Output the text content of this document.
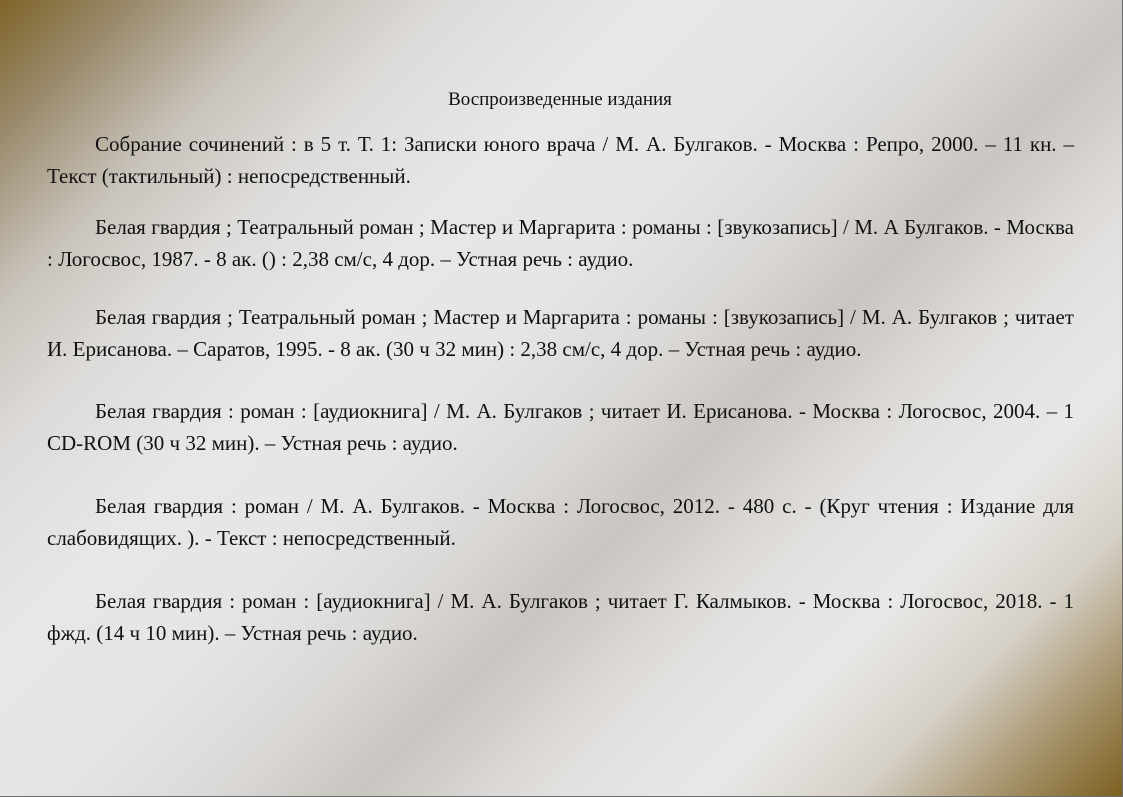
Воспроизведенные издания

Собрание сочинений : в 5 т. Т. 1: Записки юного врача / М. А. Булгаков. - Москва : Репро, 2000. – 11 кн. – Текст (тактильный) : непосредственный.

Белая гвардия ; Театральный роман ; Мастер и Маргарита : романы : [звукозапись] / М. А Булгаков. - Москва : Логосвос, 1987. - 8 ак. () : 2,38 см/с, 4 дор. – Устная речь : аудио.

Белая гвардия ; Театральный роман ; Мастер и Маргарита : романы : [звукозапись] / М. А. Булгаков ; читает И. Ерисанова. – Саратов, 1995. - 8 ак. (30 ч 32 мин) : 2,38 см/с, 4 дор. – Устная речь : аудио.

Белая гвардия : роман : [аудиокнига] / М. А. Булгаков ; читает И. Ерисанова. - Москва : Логосвос, 2004. – 1 CD-ROM (30 ч 32 мин). – Устная речь : аудио.

Белая гвардия : роман / М. А. Булгаков. - Москва : Логосвос, 2012. - 480 с. - (Круг чтения : Издание для слабовидящих. ). - Текст : непосредственный.

Белая гвардия : роман : [аудиокнига] / М. А. Булгаков ; читает Г. Калмыков. - Москва : Логосвос, 2018. - 1 фжд. (14 ч 10 мин). – Устная речь : аудио.
